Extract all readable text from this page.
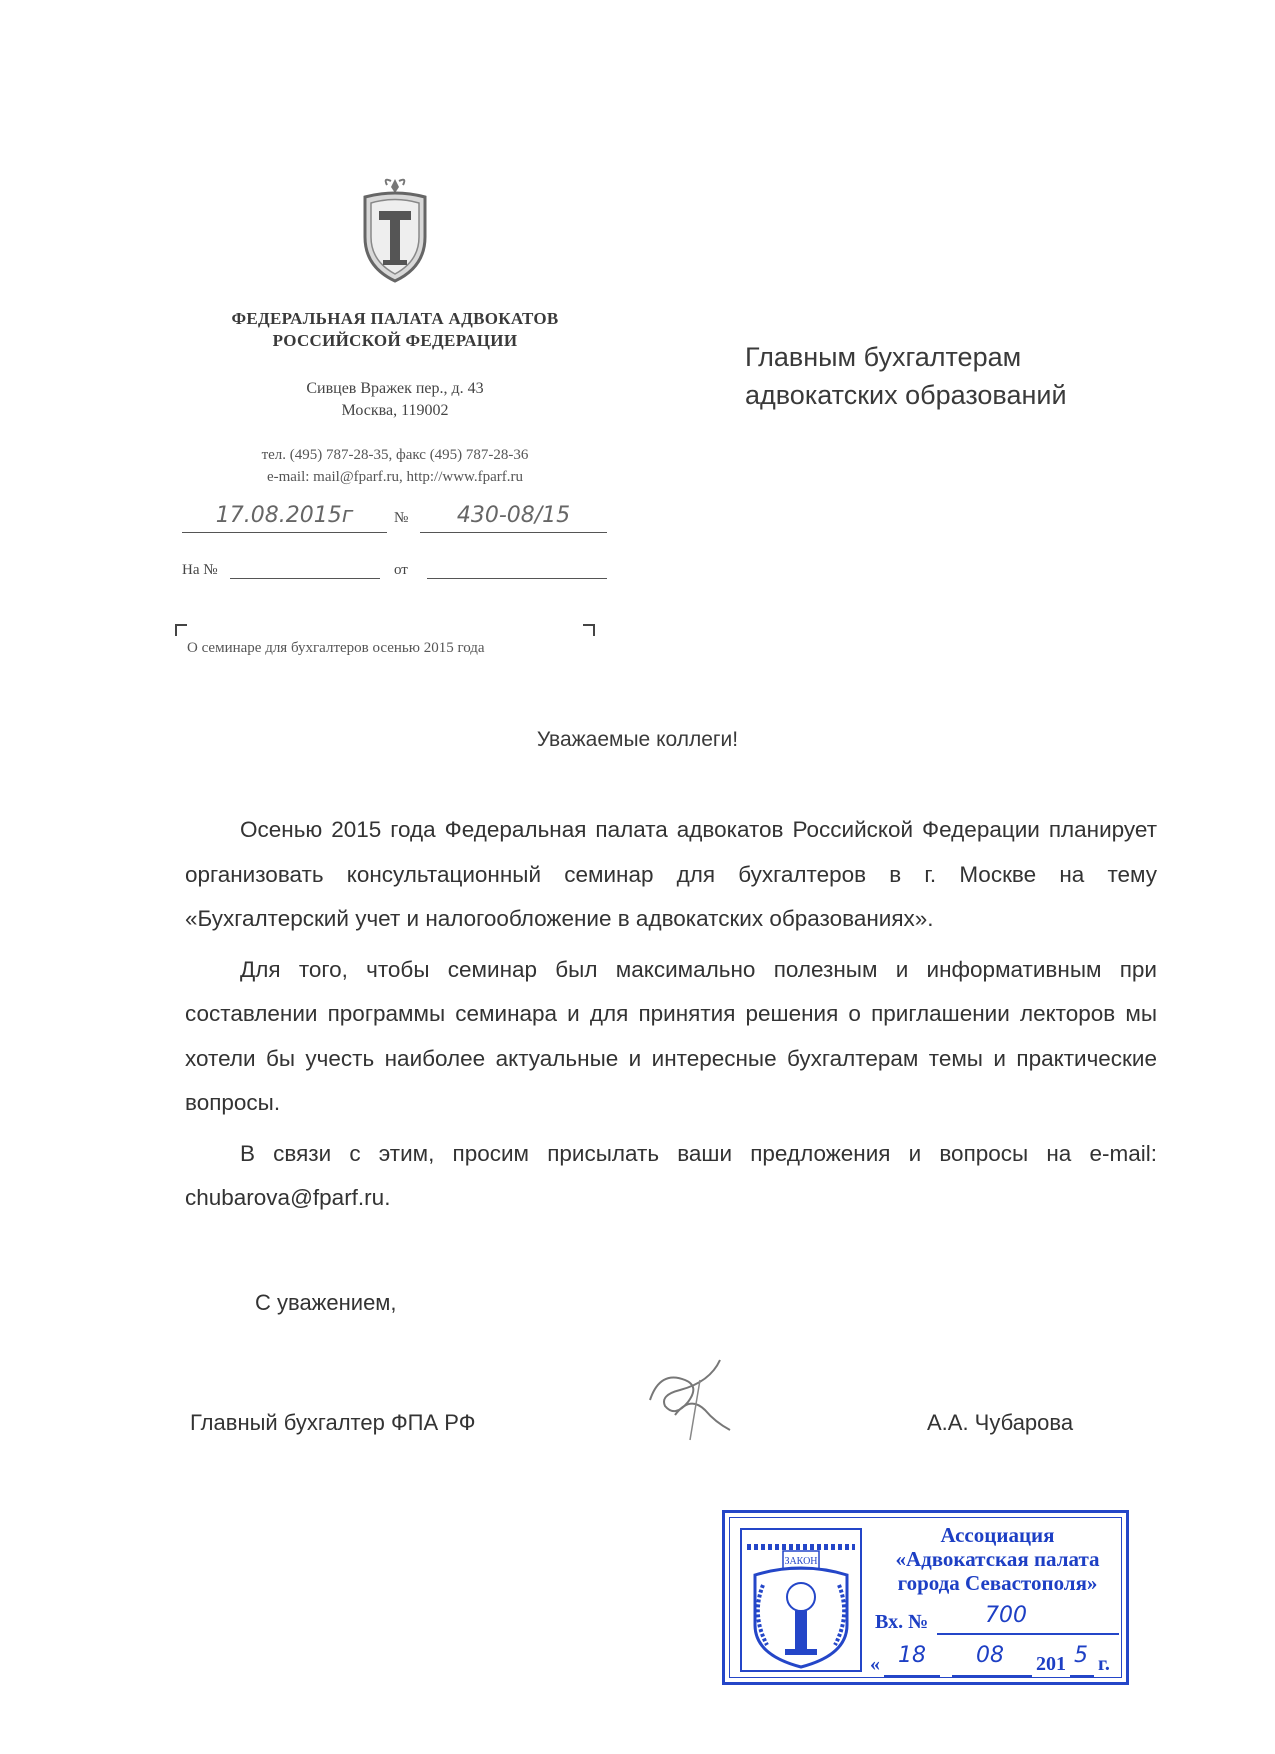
ФЕДЕРАЛЬНАЯ ПАЛАТА АДВОКАТОВ
РОССИЙСКОЙ ФЕДЕРАЦИИ
Сивцев Вражек пер., д. 43
Москва, 119002
тел. (495) 787-28-35, факс (495) 787-28-36
e-mail: mail@fparf.ru, http://www.fparf.ru
17.08.2015г	№	430-08/15
На №	от
О семинаре для бухгалтеров осенью 2015 года
Главным бухгалтерам
адвокатских образований
Уважаемые коллеги!

Осенью 2015 года Федеральная палата адвокатов Российской Федерации планирует организовать консультационный семинар для бухгалтеров в г. Москве на тему «Бухгалтерский учет и налогообложение в адвокатских образованиях».

Для того, чтобы семинар был максимально полезным и информативным при составлении программы семинара и для принятия решения о приглашении лекторов мы хотели бы учесть наиболее актуальные и интересные бухгалтерам темы и практические вопросы.

В связи с этим, просим присылать ваши предложения и вопросы на e-mail: chubarova@fparf.ru.

С уважением,
Главный бухгалтер ФПА РФ	А.А. Чубарова
ЗАКОН
Ассоциация
«Адвокатская палата
города Севастополя»
Вх. №	700
« 18 08 201 5 г.
